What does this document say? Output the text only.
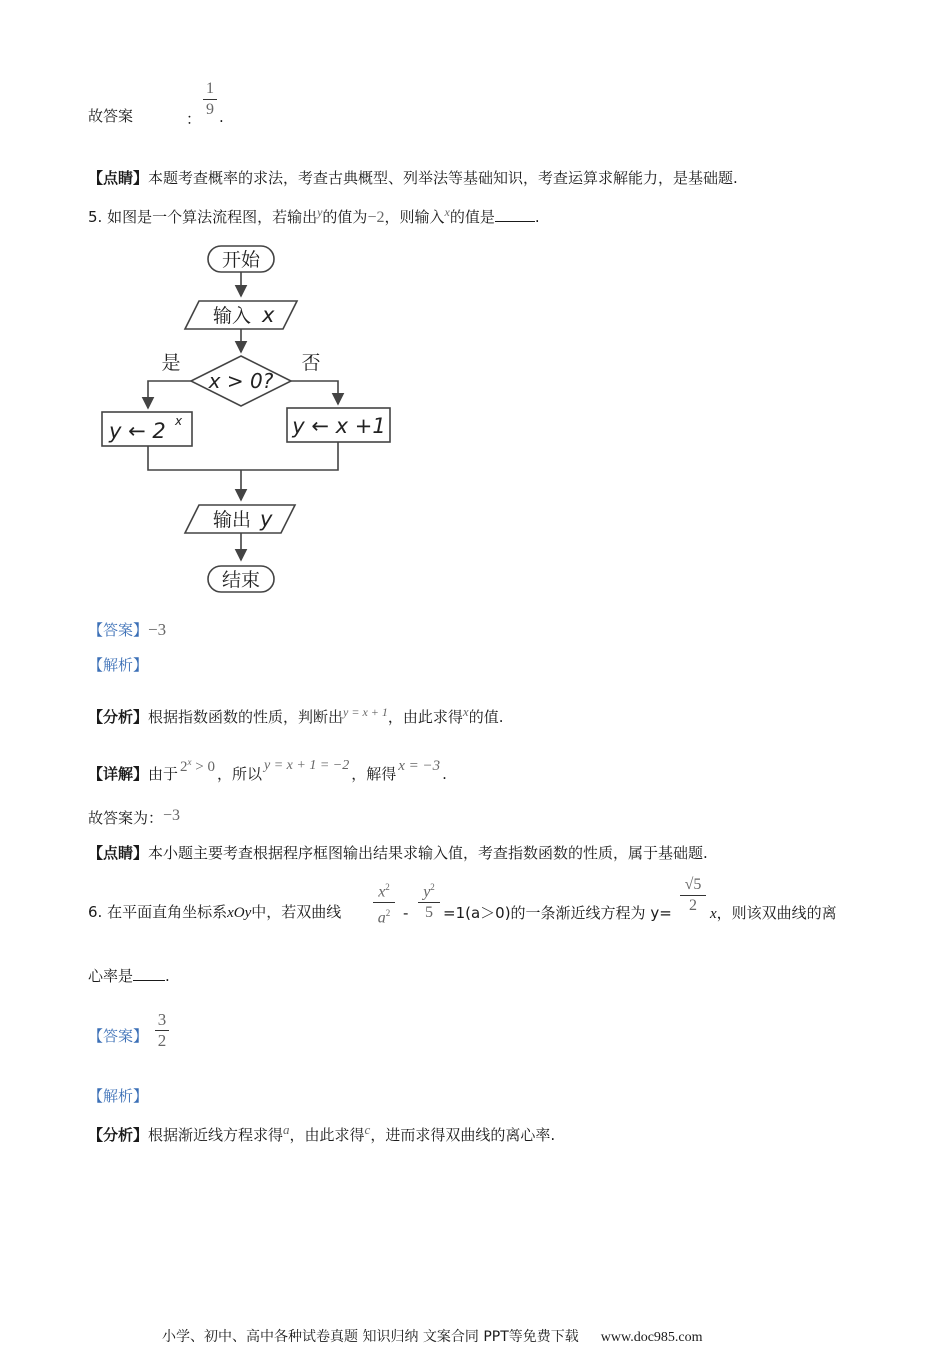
故答案	：
1
9 .
【点睛】本题考查概率的求法，考查古典概型、列举法等基础知识，考查运算求解能力，是基础题.
5. 如图是一个算法流程图，若输出$^y$的值为−2，则输入$^x$的值是	.
开始
输入 x
是	否
x > 0?
y ← 2 x	y ← x +1
输出 y
结束
【答案】−3
【解析】
【分析】根据指数函数的性质，判断出$^{y = x + 1}$，由此求得$^x$的值.
【详解】由于 $2^x > 0$ ，所以 y = x + 1 = −2 ，解得 x = −3 .
故答案为：−3
【点睛】本小题主要考查根据程序框图输出结果求输入值，考查指数函数的性质，属于基础题.
6. 在平面直角坐标系xOy中，若双曲线
$x^2$
$a^2$ -
$y^2$
5 =1(a＞0)的一条渐近线方程为 y=
√5
2 x，则该双曲线的离
心率是 .
【答案】
3
2
【解析】
【分析】根据渐近线方程求得$^a$，由此求得$^c$，进而求得双曲线的离心率.
小学、初中、高中各种试卷真题 知识归纳 文案合同 PPT等免费下载 www.doc985.com
